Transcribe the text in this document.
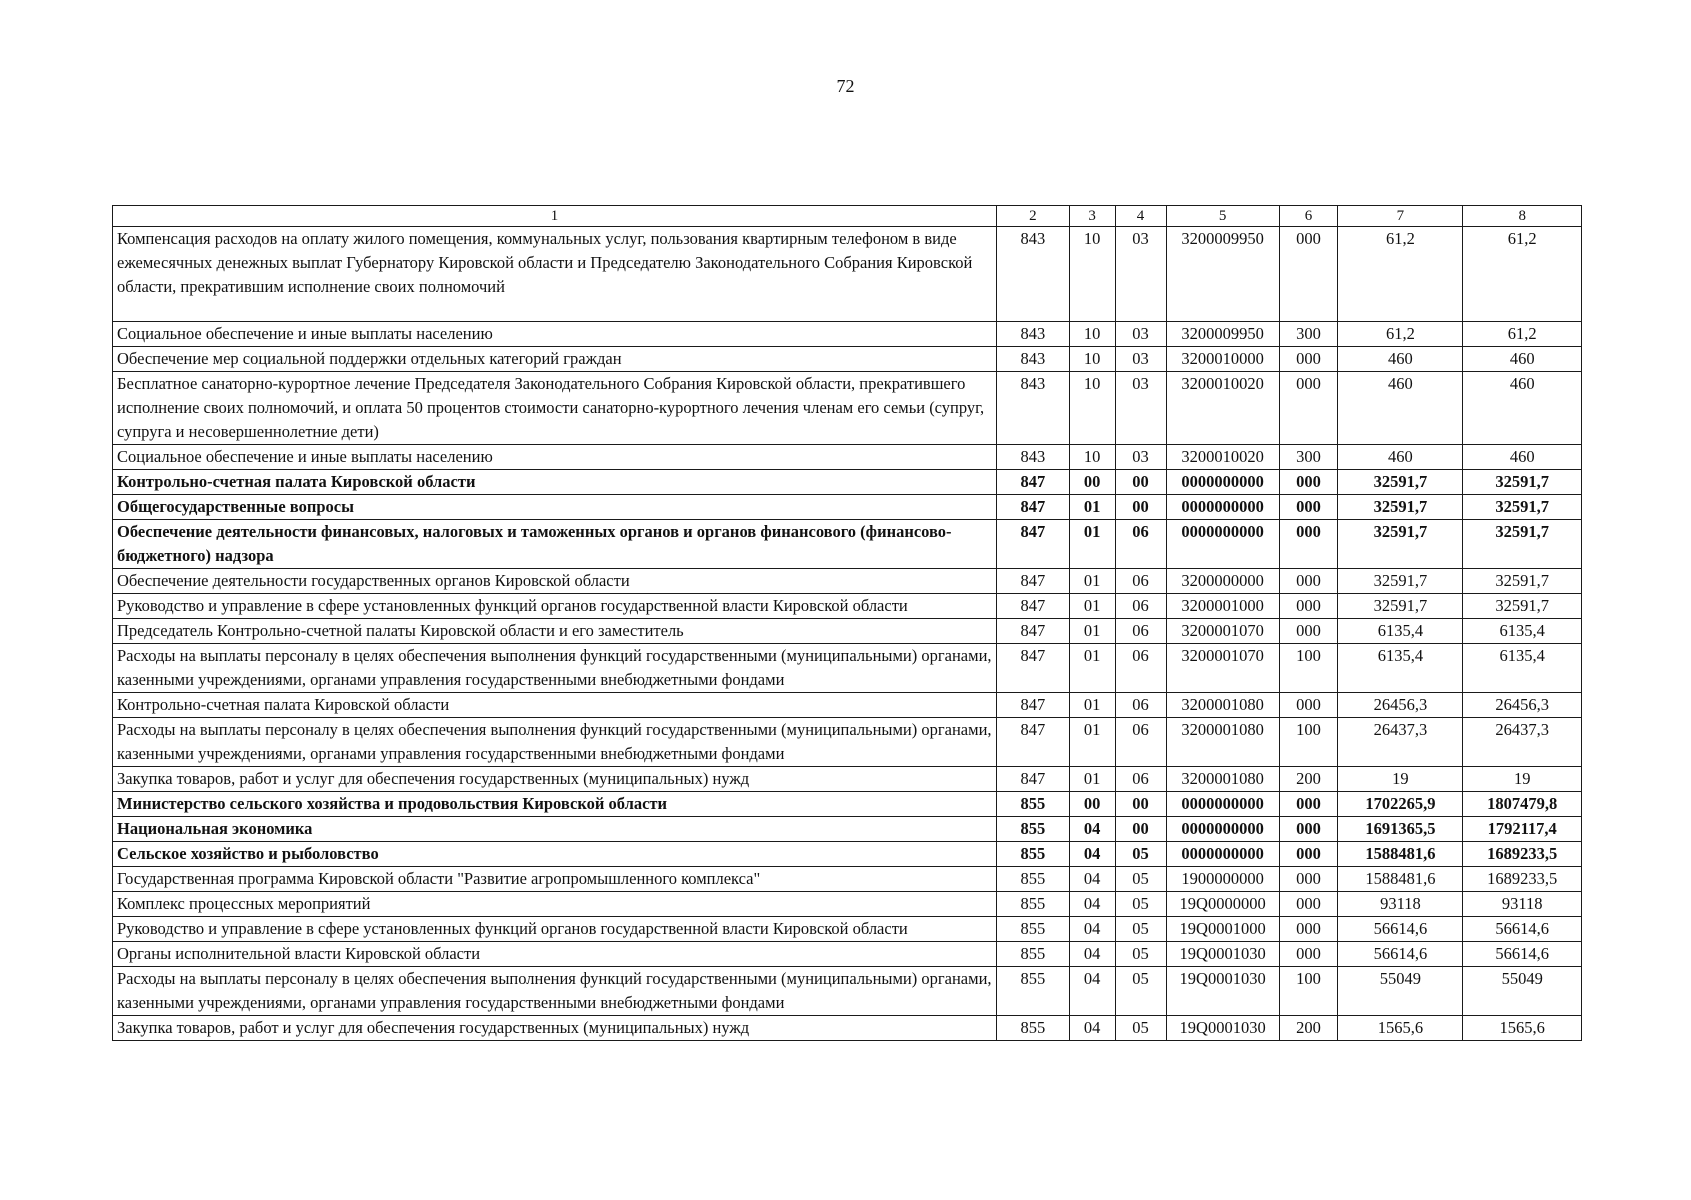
72
1	2	3	4	5	6	7	8
Компенсация расходов на оплату жилого помещения, коммунальных услуг, пользования квартирным телефоном в виде ежемесячных денежных выплат Губернатору Кировской области и Председателю Законодательного Собрания Кировской области, прекратившим исполнение своих полномочий	843	10	03	3200009950	000	61,2	61,2
Социальное обеспечение и иные выплаты населению	843	10	03	3200009950	300	61,2	61,2
Обеспечение мер социальной поддержки отдельных категорий граждан	843	10	03	3200010000	000	460	460
Бесплатное санаторно-курортное лечение Председателя Законодательного Собрания Кировской области, прекратившего исполнение своих полномочий, и оплата 50 процентов стоимости санаторно-курортного лечения членам его семьи (супруг, супруга и несовершеннолетние дети)	843	10	03	3200010020	000	460	460
Социальное обеспечение и иные выплаты населению	843	10	03	3200010020	300	460	460
Контрольно-счетная палата Кировской области	847	00	00	0000000000	000	32591,7	32591,7
Общегосударственные вопросы	847	01	00	0000000000	000	32591,7	32591,7
Обеспечение деятельности финансовых, налоговых и таможенных органов и органов финансового (финансово-бюджетного) надзора	847	01	06	0000000000	000	32591,7	32591,7
Обеспечение деятельности государственных органов Кировской области	847	01	06	3200000000	000	32591,7	32591,7
Руководство и управление в сфере установленных функций органов государственной власти Кировской области	847	01	06	3200001000	000	32591,7	32591,7
Председатель Контрольно-счетной палаты Кировской области и его заместитель	847	01	06	3200001070	000	6135,4	6135,4
Расходы на выплаты персоналу в целях обеспечения выполнения функций государственными (муниципальными) органами, казенными учреждениями, органами управления государственными внебюджетными фондами	847	01	06	3200001070	100	6135,4	6135,4
Контрольно-счетная палата Кировской области	847	01	06	3200001080	000	26456,3	26456,3
Расходы на выплаты персоналу в целях обеспечения выполнения функций государственными (муниципальными) органами, казенными учреждениями, органами управления государственными внебюджетными фондами	847	01	06	3200001080	100	26437,3	26437,3
Закупка товаров, работ и услуг для обеспечения государственных (муниципальных) нужд	847	01	06	3200001080	200	19	19
Министерство сельского хозяйства и продовольствия Кировской области	855	00	00	0000000000	000	1702265,9	1807479,8
Национальная экономика	855	04	00	0000000000	000	1691365,5	1792117,4
Сельское хозяйство и рыболовство	855	04	05	0000000000	000	1588481,6	1689233,5
Государственная программа Кировской области "Развитие агропромышленного комплекса"	855	04	05	1900000000	000	1588481,6	1689233,5
Комплекс процессных мероприятий	855	04	05	19Q0000000	000	93118	93118
Руководство и управление в сфере установленных функций органов государственной власти Кировской области	855	04	05	19Q0001000	000	56614,6	56614,6
Органы исполнительной власти Кировской области	855	04	05	19Q0001030	000	56614,6	56614,6
Расходы на выплаты персоналу в целях обеспечения выполнения функций государственными (муниципальными) органами, казенными учреждениями, органами управления государственными внебюджетными фондами	855	04	05	19Q0001030	100	55049	55049
Закупка товаров, работ и услуг для обеспечения государственных (муниципальных) нужд	855	04	05	19Q0001030	200	1565,6	1565,6
